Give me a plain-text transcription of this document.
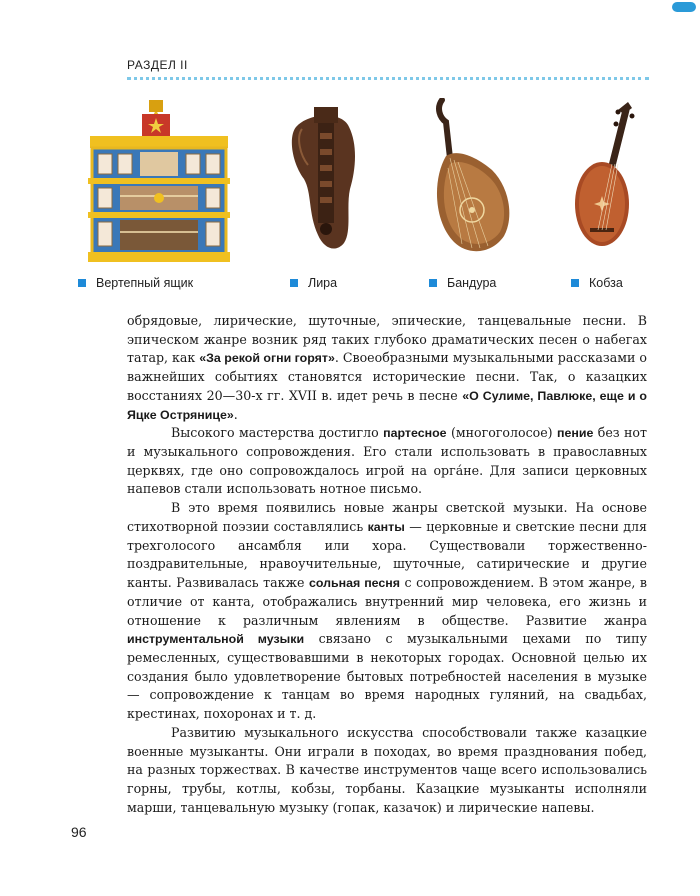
РАЗДЕЛ II
Вертепный ящик	Лира	Бандура	Кобза

обрядовые, лирические, шуточные, эпические, танцевальные песни. В эпическом жанре возник ряд таких глубоко драматических песен о набегах татар, как «За рекой огни горят». Своеобразными музыкальными рассказами о важнейших событиях становятся исторические песни. Так, о казацких восстаниях 20—30-х гг. XVII в. идет речь в песне «О Сулиме, Павлюке, еще и о Яцке Острянице».

Высокого мастерства достигло партесное (многоголосое) пение без нот и музыкального сопровождения. Его стали использовать в православных церквях, где оно сопровождалось игрой на орга́не. Для записи церковных напевов стали использовать нотное письмо.

В это время появились новые жанры светской музыки. На основе стихотворной поэзии составлялись канты — церковные и светские песни для трехголосого ансамбля или хора. Существовали торжественно-поздравительные, нравоучительные, шуточные, сатирические и другие канты. Развивалась также сольная песня с сопровождением. В этом жанре, в отличие от канта, отображались внутренний мир человека, его жизнь и отношение к различным явлениям в обществе. Развитие жанра инструментальной музыки связано с музыкальными цехами по типу ремесленных, существовавшими в некоторых городах. Основной целью их создания было удовлетворение бытовых потребностей населения в музыке — сопровождение к танцам во время народных гуляний, на свадьбах, крестинах, похоронах и т. д.

Развитию музыкального искусства способствовали также казацкие военные музыканты. Они играли в походах, во время празднования побед, на разных торжествах. В качестве инструментов чаще всего использовались горны, трубы, котлы, кобзы, торбаны. Казацкие музыканты исполняли марши, танцевальную музыку (гопак, казачок) и лирические напевы.

96
